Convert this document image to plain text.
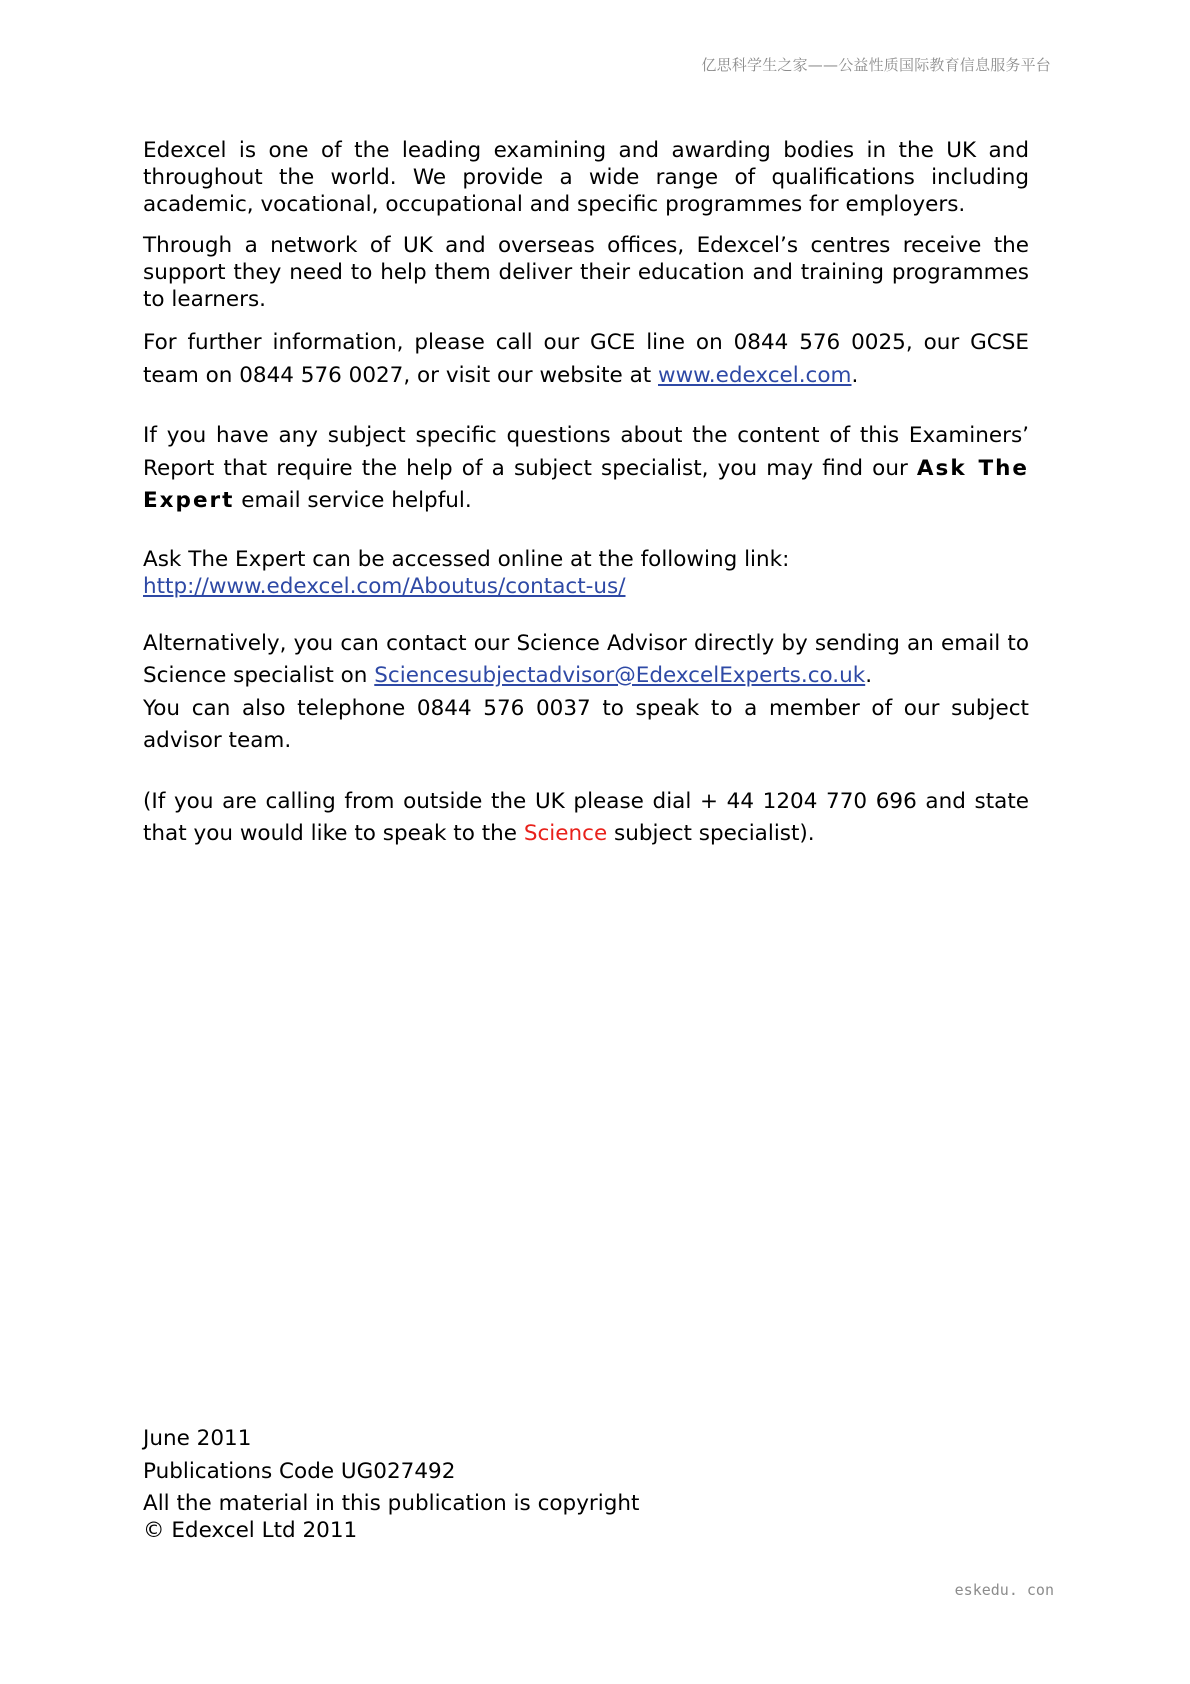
亿思科学生之家——公益性质国际教育信息服务平台

Edexcel is one of the leading examining and awarding bodies in the UK and throughout the world. We provide a wide range of qualifications including academic, vocational, occupational and specific programmes for employers.

Through a network of UK and overseas offices, Edexcel’s centres receive the support they need to help them deliver their education and training programmes to learners.

For further information, please call our GCE line on 0844 576 0025, our GCSE team on 0844 576 0027, or visit our website at www.edexcel.com.

If you have any subject specific questions about the content of this Examiners’ Report that require the help of a subject specialist, you may find our Ask The Expert email service helpful.

Ask The Expert can be accessed online at the following link:
http://www.edexcel.com/Aboutus/contact-us/

Alternatively, you can contact our Science Advisor directly by sending an email to Science specialist on Sciencesubjectadvisor@EdexcelExperts.co.uk.

You can also telephone 0844 576 0037 to speak to a member of our subject advisor team.

(If you are calling from outside the UK please dial + 44 1204 770 696 and state that you would like to speak to the Science subject specialist).

June 2011

Publications Code UG027492

All the material in this publication is copyright

© Edexcel Ltd 2011

eskedu. con
